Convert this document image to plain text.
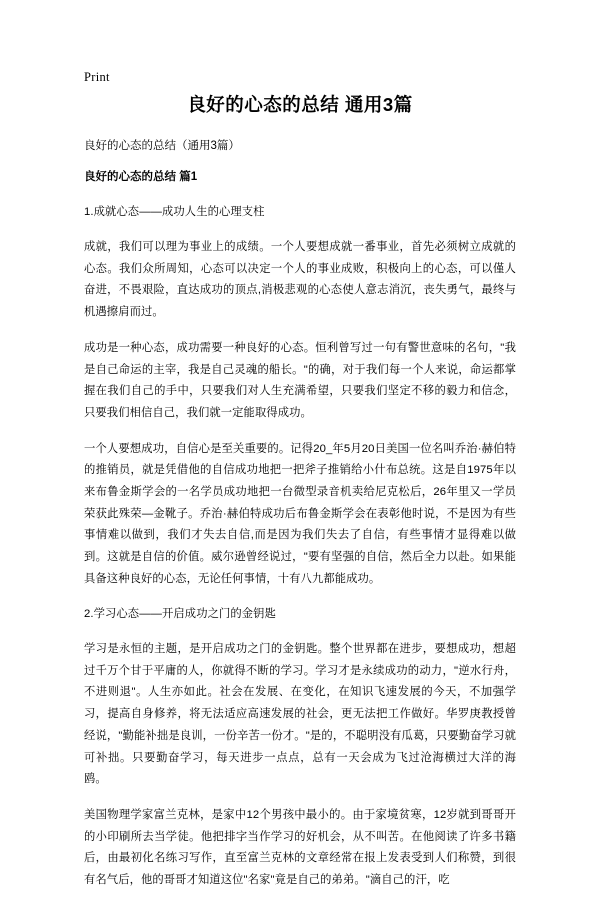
Print
良好的心态的总结 通用3篇
良好的心态的总结（通用3篇）
良好的心态的总结 篇1

1.成就心态——成功人生的心理支柱

成就，我们可以理为事业上的成绩。一个人要想成就一番事业，首先必须树立成就的心态。我们众所周知，心态可以决定一个人的事业成败，积极向上的心态，可以僅人奋进，不畏艰险，直达成功的顶点,消极悲观的心态使人意志消沉，丧失勇气，最终与机遇擦肩而过。

成功是一种心态，成功需要一种良好的心态。恒利曾写过一句有警世意味的名句，"我是自己命运的主宰，我是自己灵魂的船长。"的确，对于我们每一个人来说，命运都掌握在我们自己的手中，只要我们对人生充满希望，只要我们坚定不移的毅力和信念，只要我们相信自己，我们就一定能取得成功。

一个人要想成功，自信心是至关重要的。记得20_年5月20日美国一位名叫乔治·赫伯特的推销员，就是凭借他的自信成功地把一把斧子推销给小什布总统。这是自1975年以来布鲁金斯学会的一名学员成功地把一台微型录音机卖给尼克松后，26年里又一学员荣获此殊荣—金靴子。乔治·赫伯特成功后布鲁金斯学会在表彰他时说，不是因为有些事情难以做到，我们才失去自信,而是因为我们失去了自信，有些事情才显得难以做到。这就是自信的价值。威尔逊曾经说过，"要有坚强的自信，然后全力以赴。如果能具备这种良好的心态，无论任何事情，十有八九都能成功。

2.学习心态——开启成功之门的金钥匙

学习是永恒的主题，是开启成功之门的金钥匙。整个世界都在进步，要想成功，想超过千万个甘于平庸的人，你就得不断的学习。学习才是永续成功的动力，"逆水行舟，不进则退"。人生亦如此。社会在发展、在变化，在知识飞速发展的今天，不加强学习，提高自身修养，将无法适应高速发展的社会，更无法把工作做好。华罗庚教授曾经说，"勤能补拙是良训，一份辛苦一份才。"是的，不聪明没有瓜葛，只要勤奋学习就可补拙。只要勤奋学习，每天进步一点点，总有一天会成为飞过沧海横过大洋的海鸥。

美国物理学家富兰克林，是家中12个男孩中最小的。由于家境贫寒，12岁就到哥哥开的小印刷所去当学徒。他把排字当作学习的好机会，从不叫苦。在他阅读了许多书籍后，由最初化名练习写作，直至富兰克林的文章经常在报上发表受到人们称赞，到很有名气后，他的哥哥才知道这位"名家"竟是自己的弟弟。"滴自己的汗，吃
